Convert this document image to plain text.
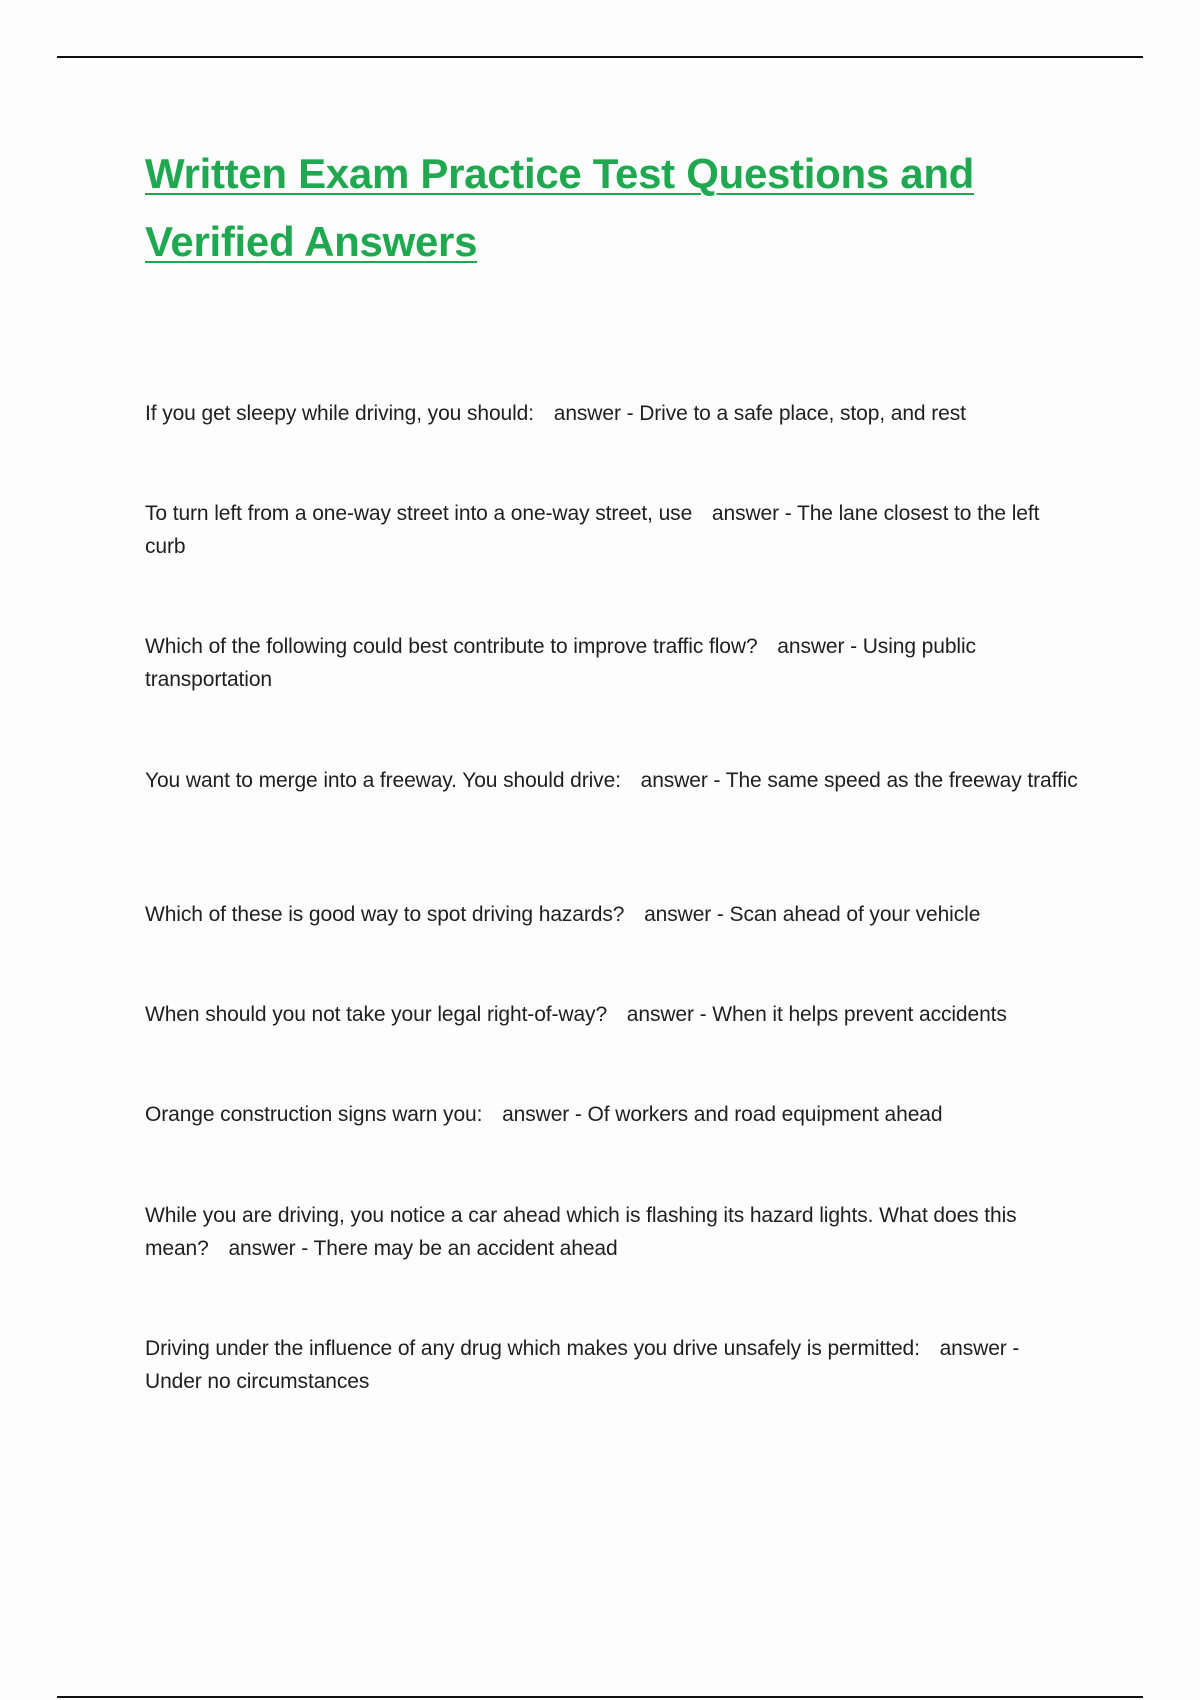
Written Exam Practice Test Questions and Verified Answers

If you get sleepy while driving, you should: answer - Drive to a safe place, stop, and rest

To turn left from a one-way street into a one-way street, use answer - The lane closest to the left curb

Which of the following could best contribute to improve traffic flow? answer - Using public transportation

You want to merge into a freeway. You should drive: answer - The same speed as the freeway traffic

Which of these is good way to spot driving hazards? answer - Scan ahead of your vehicle

When should you not take your legal right-of-way? answer - When it helps prevent accidents

Orange construction signs warn you: answer - Of workers and road equipment ahead

While you are driving, you notice a car ahead which is flashing its hazard lights. What does this mean? answer - There may be an accident ahead

Driving under the influence of any drug which makes you drive unsafely is permitted: answer - Under no circumstances
